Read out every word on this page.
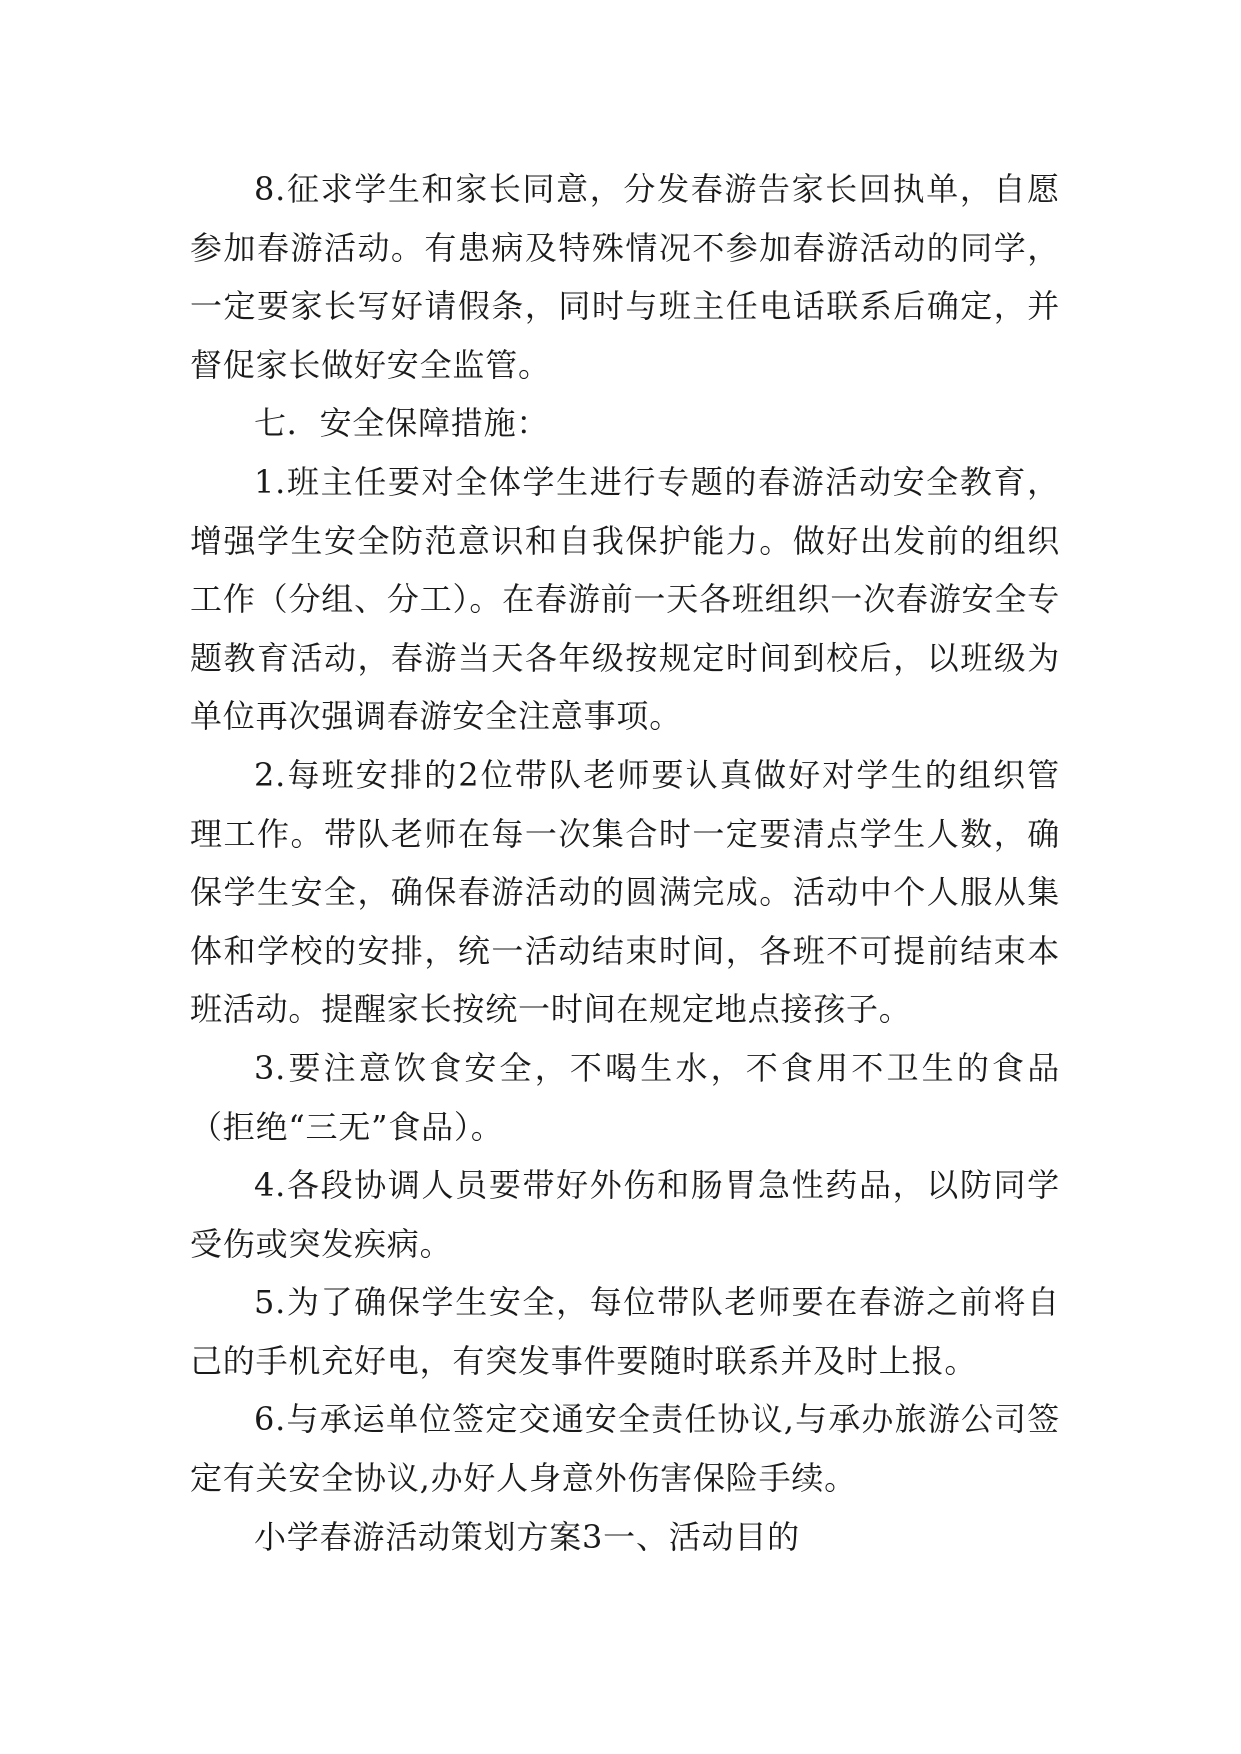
8.征求学生和家长同意，分发春游告家长回执单，自愿参加春游活动。有患病及特殊情况不参加春游活动的同学，一定要家长写好请假条，同时与班主任电话联系后确定，并督促家长做好安全监管。

七．安全保障措施：

1.班主任要对全体学生进行专题的春游活动安全教育，增强学生安全防范意识和自我保护能力。做好出发前的组织工作（分组、分工）。在春游前一天各班组织一次春游安全专题教育活动，春游当天各年级按规定时间到校后，以班级为单位再次强调春游安全注意事项。

2.每班安排的2位带队老师要认真做好对学生的组织管理工作。带队老师在每一次集合时一定要清点学生人数，确保学生安全，确保春游活动的圆满完成。活动中个人服从集体和学校的安排，统一活动结束时间，各班不可提前结束本班活动。提醒家长按统一时间在规定地点接孩子。

3.要注意饮食安全，不喝生水，不食用不卫生的食品（拒绝“三无”食品）。

4.各段协调人员要带好外伤和肠胃急性药品，以防同学受伤或突发疾病。

5.为了确保学生安全，每位带队老师要在春游之前将自己的手机充好电，有突发事件要随时联系并及时上报。

6.与承运单位签定交通安全责任协议,与承办旅游公司签定有关安全协议,办好人身意外伤害保险手续。

小学春游活动策划方案3一、活动目的
